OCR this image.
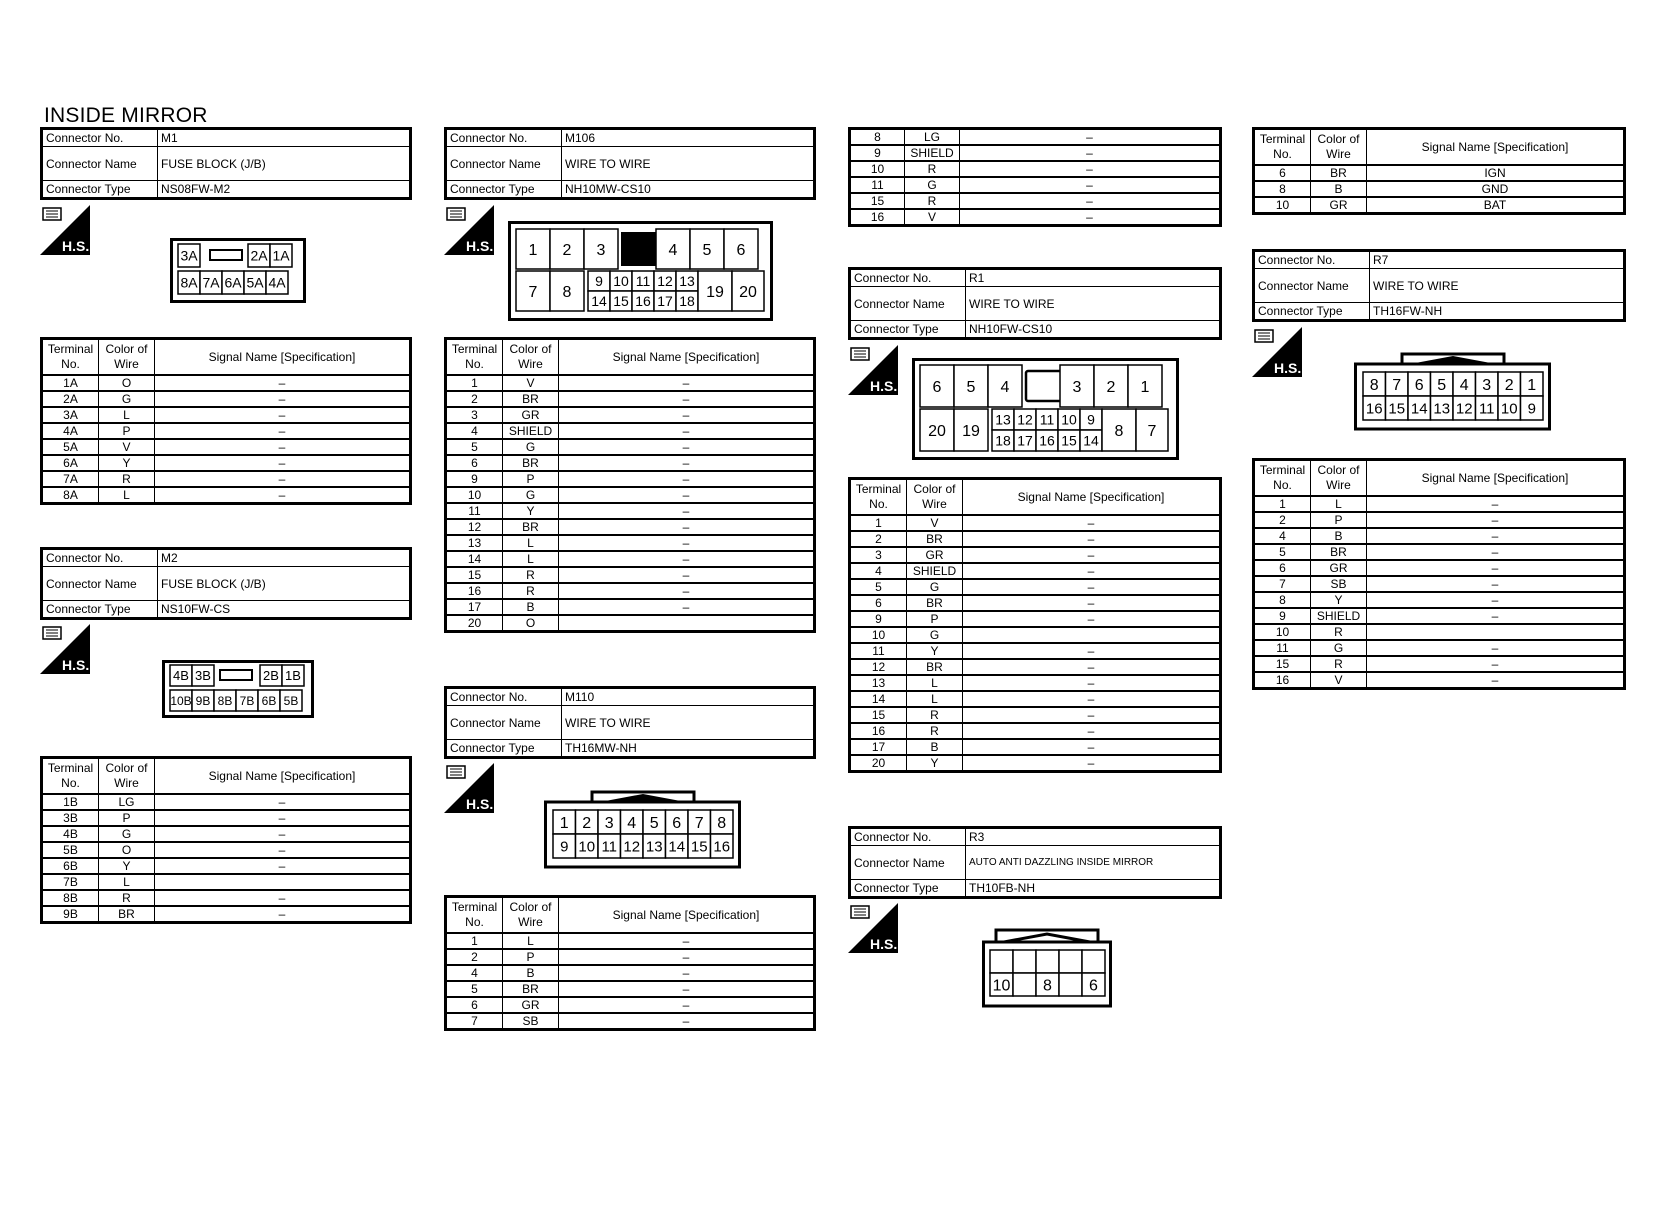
INSIDE MIRROR
Connector No.	M1
Connector Name	FUSE BLOCK (J/B)
Connector Type	NS08FW-M2
Connector No.	M106
Connector Name	WIRE TO WIRE
Connector Type	NH10MW-CS10
Connector No.	M2
Connector Name	FUSE BLOCK (J/B)
Connector Type	NS10FW-CS
Connector No.	M110
Connector Name	WIRE TO WIRE
Connector Type	TH16MW-NH
Connector No.	R1
Connector Name	WIRE TO WIRE
Connector Type	NH10FW-CS10
Connector No.	R3
Connector Name	AUTO ANTI DAZZLING INSIDE MIRROR
Connector Type	TH10FB-NH
Connector No.	R7
Connector Name	WIRE TO WIRE
Connector Type	TH16FW-NH
Terminal No.	Color of Wire	Signal Name [Specification]
1A	O	–
2A	G	–
3A	L	–
4A	P	–
5A	V	–
6A	Y	–
7A	R	–
8A	L	–
Terminal No.	Color of Wire	Signal Name [Specification]
1B	LG	–
3B	P	–
4B	G	–
5B	O	–
6B	Y	–
7B	L	
8B	R	–
9B	BR	–
Terminal No.	Color of Wire	Signal Name [Specification]
1	V	–
2	BR	–
3	GR	–
4	SHIELD	–
5	G	–
6	BR	–
9	P	–
10	G	–
11	Y	–
12	BR	–
13	L	–
14	L	–
15	R	–
16	R	–
17	B	–
20	O	
Terminal No.	Color of Wire	Signal Name [Specification]
1	L	–
2	P	–
4	B	–
5	BR	–
6	GR	–
7	SB	–
8	LG	–
9	SHIELD	–
10	R	–
11	G	–
15	R	–
16	V	–
Terminal No.	Color of Wire	Signal Name [Specification]
1	V	–
2	BR	–
3	GR	–
4	SHIELD	–
5	G	–
6	BR	–
9	P	–
10	G	
11	Y	–
12	BR	–
13	L	–
14	L	–
15	R	–
16	R	–
17	B	–
20	Y	–
Terminal No.	Color of Wire	Signal Name [Specification]
6	BR	IGN
8	B	GND
10	GR	BAT
Terminal No.	Color of Wire	Signal Name [Specification]
1	L	–
2	P	–
4	B	–
5	BR	–
6	GR	–
7	SB	–
8	Y	–
9	SHIELD	–
10	R	
11	G	–
15	R	–
16	V	–
H.S.	H.S.
H.S.
H.S.
H.S.
H.S.
H.S.
3A	2A 1A
8A 7A 6A 5A 4A
4B 3B	2B 1B
10B 9B 8B 7B 6B 5B
1 2 3	4 5 6
7 8
9 10 11 12 13
14 15 16 17 18
19 20
1 2 3 4 5 6 7 8
9 10 11 12 13 14 15 16
6 5 4	3 2 1
20 19
13 12 11 10 9
18 17 16 15 14
8 7
10 8 6
8 7 6 5 4 3 2 1
16 15 14 13 12 11 10 9
